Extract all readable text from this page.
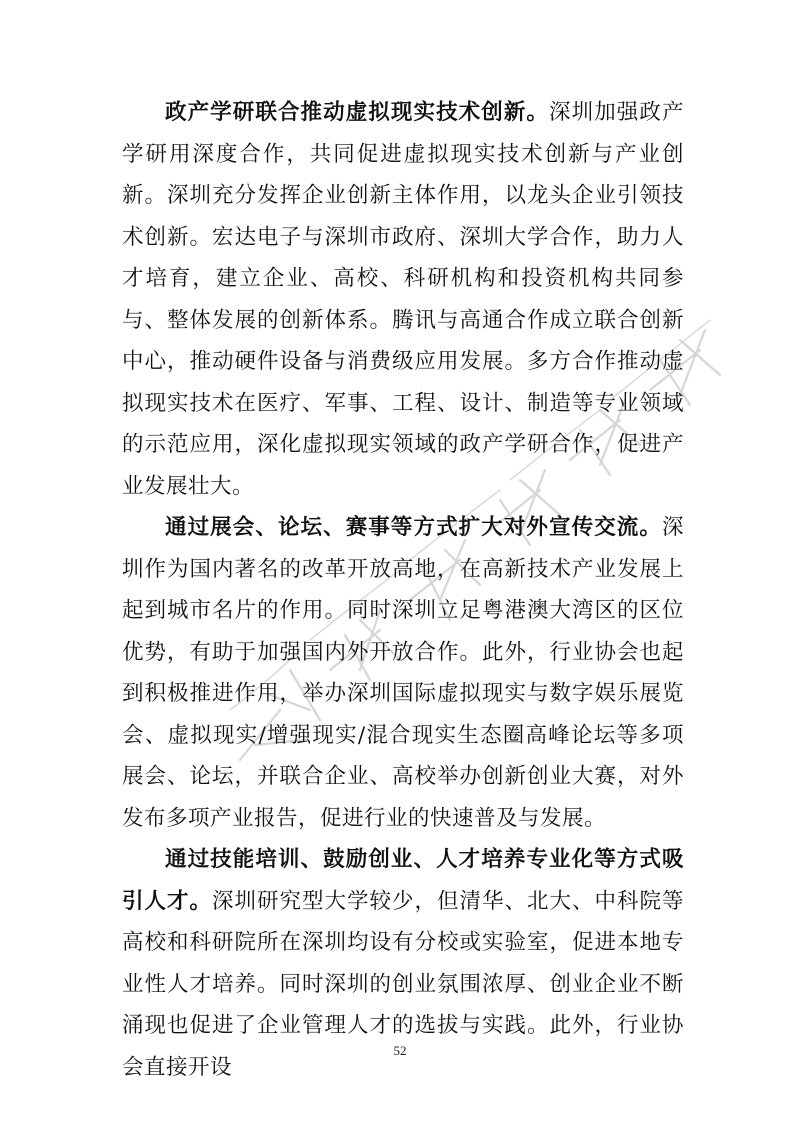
政产学研联合推动虚拟现实技术创新。深圳加强政产学研用深度合作，共同促进虚拟现实技术创新与产业创新。深圳充分发挥企业创新主体作用，以龙头企业引领技术创新。宏达电子与深圳市政府、深圳大学合作，助力人才培育，建立企业、高校、科研机构和投资机构共同参与、整体发展的创新体系。腾讯与高通合作成立联合创新中心，推动硬件设备与消费级应用发展。多方合作推动虚拟现实技术在医疗、军事、工程、设计、制造等专业领域的示范应用，深化虚拟现实领域的政产学研合作，促进产业发展壮大。

通过展会、论坛、赛事等方式扩大对外宣传交流。深圳作为国内著名的改革开放高地，在高新技术产业发展上起到城市名片的作用。同时深圳立足粤港澳大湾区的区位优势，有助于加强国内外开放合作。此外，行业协会也起到积极推进作用，举办深圳国际虚拟现实与数字娱乐展览会、虚拟现实/增强现实/混合现实生态圈高峰论坛等多项展会、论坛，并联合企业、高校举办创新创业大赛，对外发布多项产业报告，促进行业的快速普及与发展。

通过技能培训、鼓励创业、人才培养专业化等方式吸引人才。深圳研究型大学较少，但清华、北大、中科院等高校和科研院所在深圳均设有分校或实验室，促进本地专业性人才培养。同时深圳的创业氛围浓厚、创业企业不断涌现也促进了企业管理人才的选拔与实践。此外，行业协会直接开设

52
